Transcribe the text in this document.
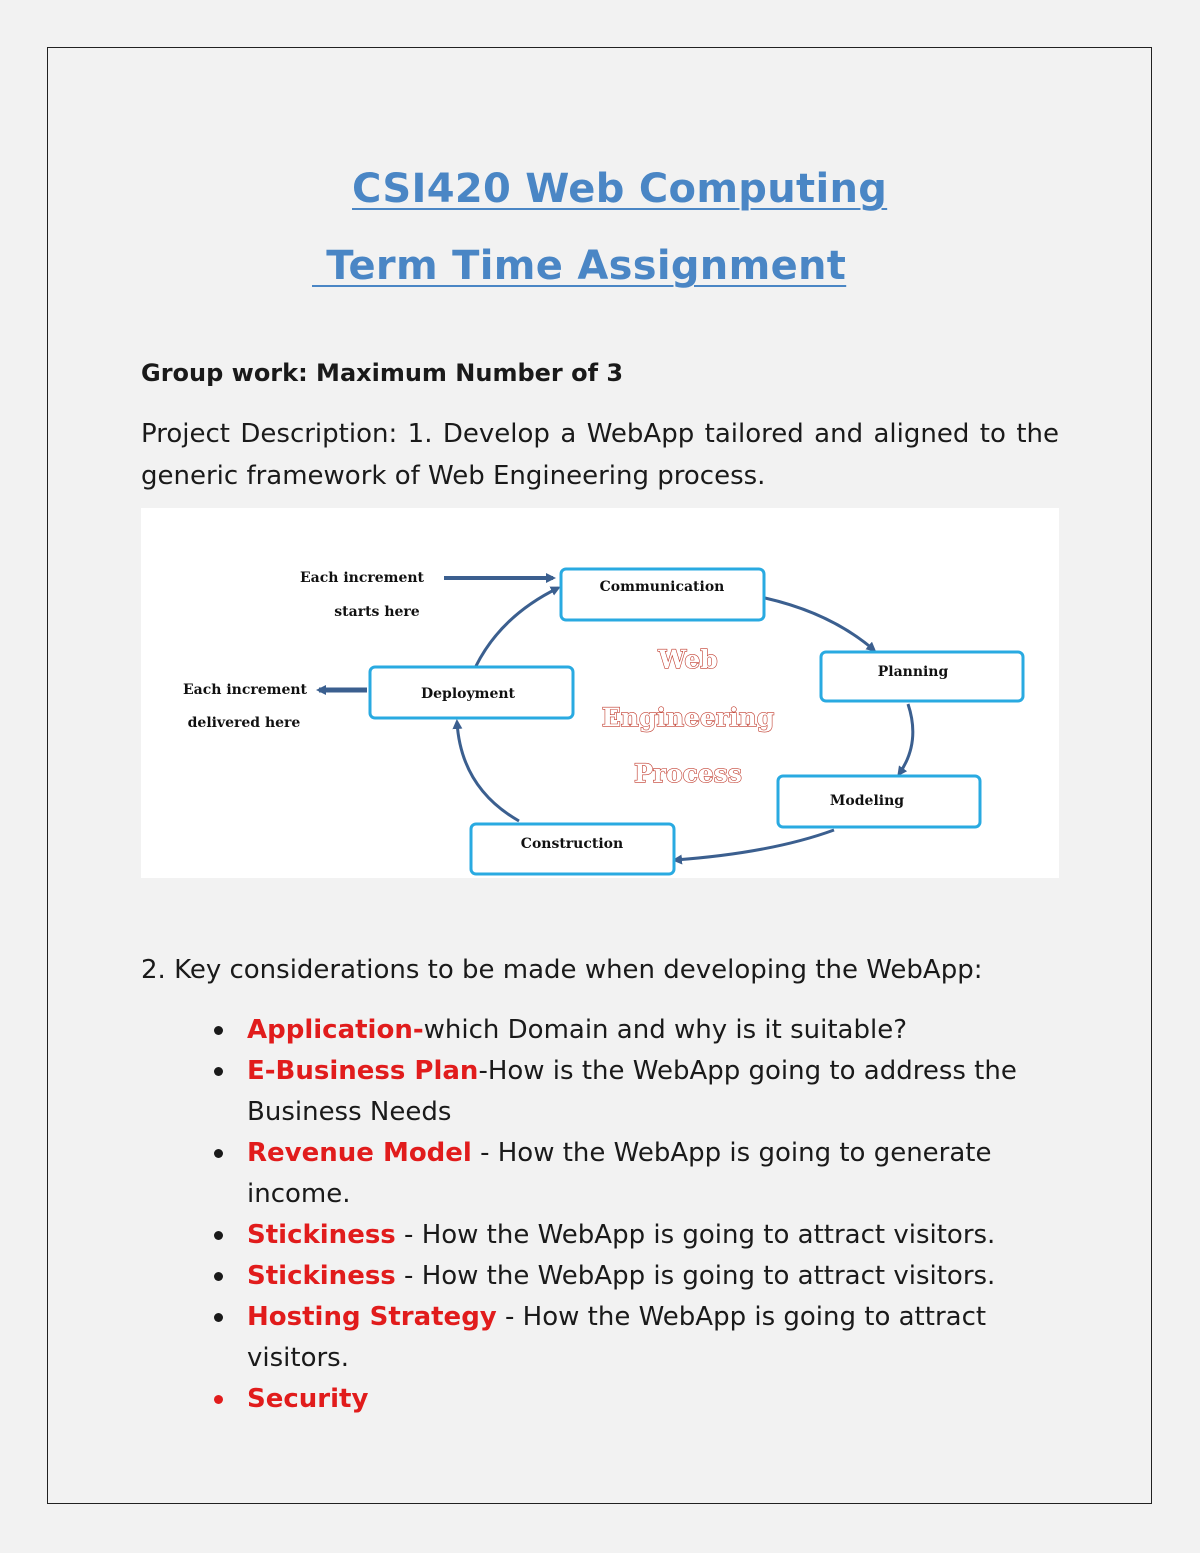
CSI420 Web Computing
Term Time Assignment
Group work: Maximum Number of 3
Project Description: 1. Develop a WebApp tailored and aligned to the generic framework of Web Engineering process.
Communication
Planning
Modeling
Construction
Deployment
Each increment
starts here
Each increment
delivered here
Web
Engineering
Process
2. Key considerations to be made when developing the WebApp:
Application-which Domain and why is it suitable?
E-Business Plan-How is the WebApp going to address the Business Needs
Revenue Model - How the WebApp is going to generate income.
Stickiness - How the WebApp is going to attract visitors.
Stickiness - How the WebApp is going to attract visitors.
Hosting Strategy - How the WebApp is going to attract visitors.
Security
